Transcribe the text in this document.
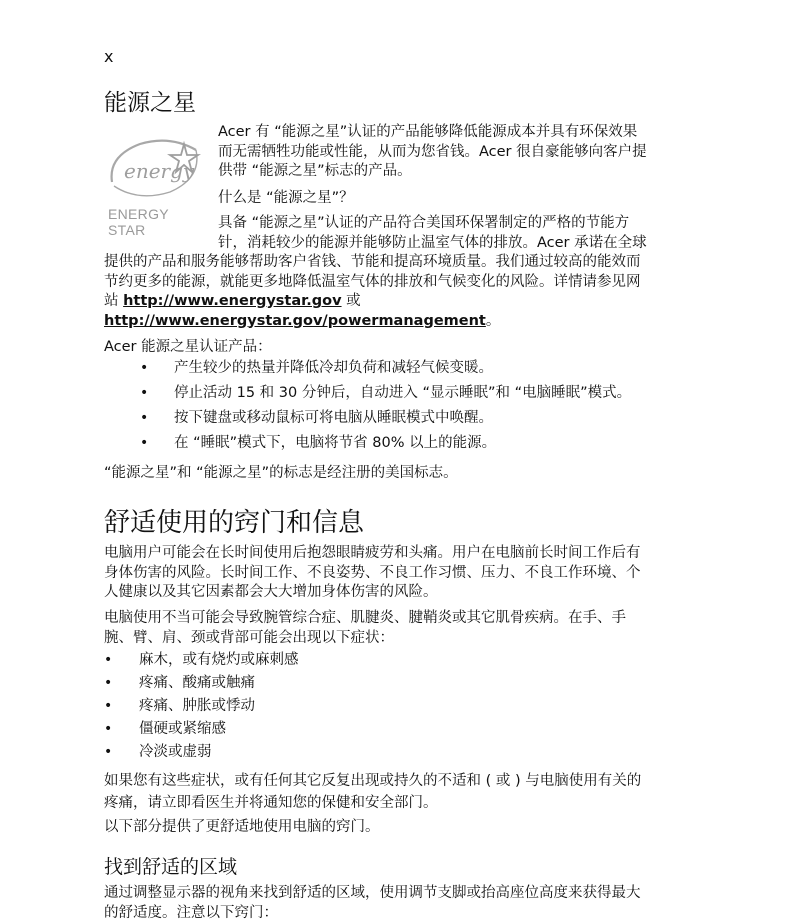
x
能源之星
energy
ENERGY STAR

Acer 有 “能源之星”认证的产品能够降低能源成本并具有环保效果

而无需牺牲功能或性能，从而为您省钱。Acer 很自豪能够向客户提

供带 “能源之星”标志的产品。

什么是 “能源之星”？

具备 “能源之星”认证的产品符合美国环保署制定的严格的节能方

针，消耗较少的能源并能够防止温室气体的排放。Acer 承诺在全球

提供的产品和服务能够帮助客户省钱、节能和提高环境质量。我们通过较高的能效而

节约更多的能源，就能更多地降低温室气体的排放和气候变化的风险。详情请参见网

站 http://www.energystar.gov 或

http://www.energystar.gov/powermanagement。

Acer 能源之星认证产品：

• 产生较少的热量并降低冷却负荷和减轻气候变暖。
• 停止活动 15 和 30 分钟后，自动进入 “显示睡眠”和 “电脑睡眠”模式。
• 按下键盘或移动鼠标可将电脑从睡眠模式中唤醒。
• 在 “睡眠”模式下，电脑将节省 80% 以上的能源。

“能源之星”和 “能源之星”的标志是经注册的美国标志。

舒适使用的窍门和信息

电脑用户可能会在长时间使用后抱怨眼睛疲劳和头痛。用户在电脑前长时间工作后有

身体伤害的风险。长时间工作、不良姿势、不良工作习惯、压力、不良工作环境、个

人健康以及其它因素都会大大增加身体伤害的风险。

电脑使用不当可能会导致腕管综合症、肌腱炎、腱鞘炎或其它肌骨疾病。在手、手

腕、臂、肩、颈或背部可能会出现以下症状：

• 麻木，或有烧灼或麻刺感
• 疼痛、酸痛或触痛
• 疼痛、肿胀或悸动
• 僵硬或紧缩感
• 冷淡或虚弱

如果您有这些症状，或有任何其它反复出现或持久的不适和 ( 或 ) 与电脑使用有关的

疼痛，请立即看医生并将通知您的保健和安全部门。

以下部分提供了更舒适地使用电脑的窍门。

找到舒适的区域

通过调整显示器的视角来找到舒适的区域，使用调节支脚或抬高座位高度来获得最大

的舒适度。注意以下窍门：
